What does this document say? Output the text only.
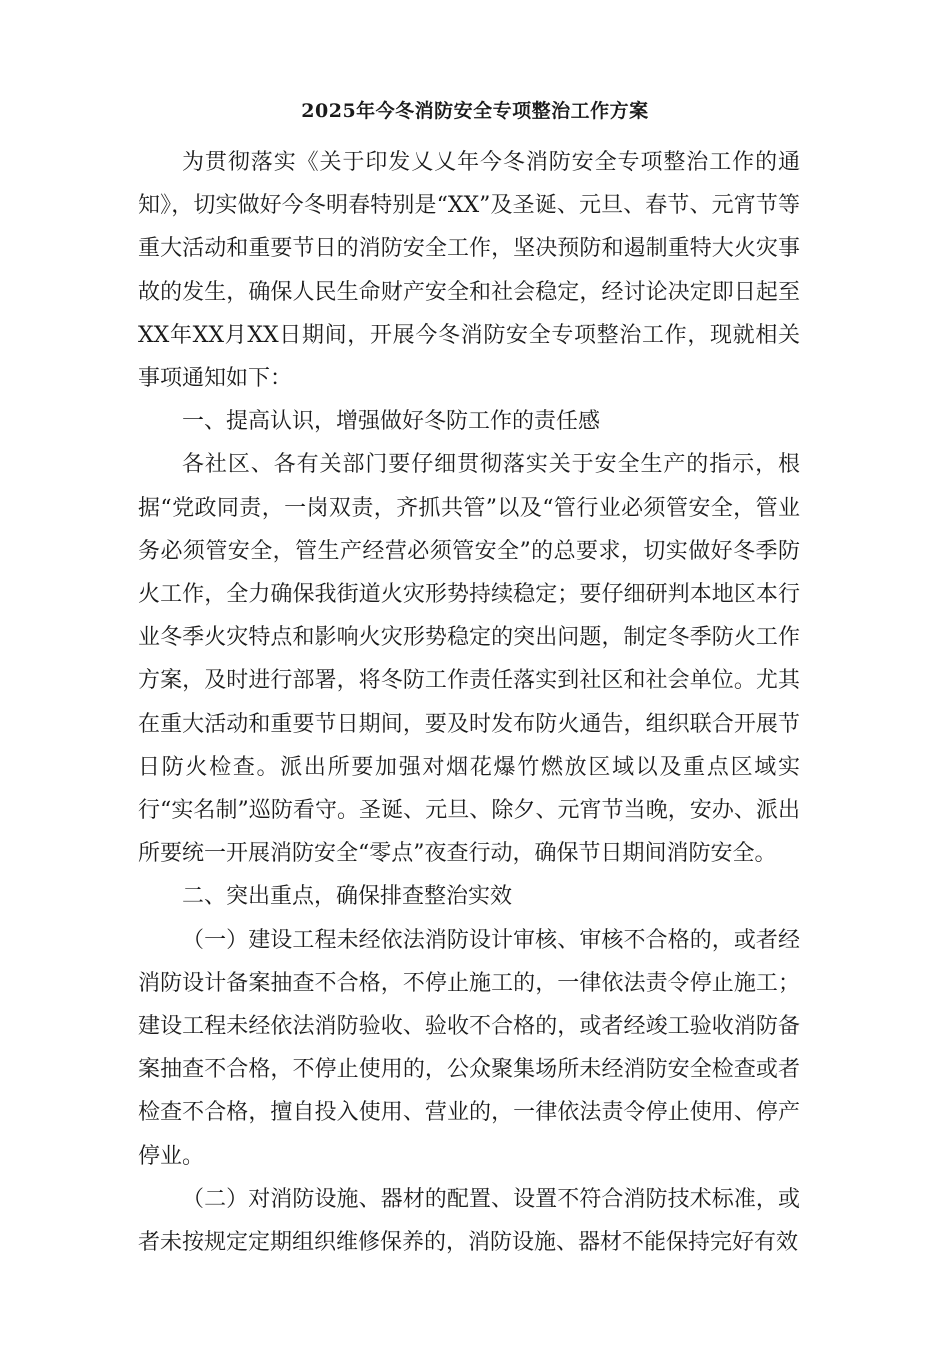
2025年今冬消防安全专项整治工作方案

为贯彻落实《关于印发乂乂年今冬消防安全专项整治工作的通知》，切实做好今冬明春特别是“XX”及圣诞、元旦、春节、元宵节等重大活动和重要节日的消防安全工作，坚决预防和遏制重特大火灾事故的发生，确保人民生命财产安全和社会稳定，经讨论决定即日起至XX年XX月XX日期间，开展今冬消防安全专项整治工作，现就相关事项通知如下：

一、提高认识，增强做好冬防工作的责任感

各社区、各有关部门要仔细贯彻落实关于安全生产的指示，根据“党政同责，一岗双责，齐抓共管”以及“管行业必须管安全，管业务必须管安全，管生产经营必须管安全”的总要求，切实做好冬季防火工作，全力确保我街道火灾形势持续稳定；要仔细研判本地区本行业冬季火灾特点和影响火灾形势稳定的突出问题，制定冬季防火工作方案，及时进行部署，将冬防工作责任落实到社区和社会单位。尤其在重大活动和重要节日期间，要及时发布防火通告，组织联合开展节日防火检查。派出所要加强对烟花爆竹燃放区域以及重点区域实行“实名制”巡防看守。圣诞、元旦、除夕、元宵节当晚，安办、派出所要统一开展消防安全“零点”夜查行动，确保节日期间消防安全。

二、突出重点，确保排查整治实效

（一）建设工程未经依法消防设计审核、审核不合格的，或者经消防设计备案抽查不合格，不停止施工的，一律依法责令停止施工；建设工程未经依法消防验收、验收不合格的，或者经竣工验收消防备案抽查不合格，不停止使用的，公众聚集场所未经消防安全检查或者检查不合格，擅自投入使用、营业的，一律依法责令停止使用、停产停业。

（二）对消防设施、器材的配置、设置不符合消防技术标准，或者未按规定定期组织维修保养的，消防设施、器材不能保持完好有效
